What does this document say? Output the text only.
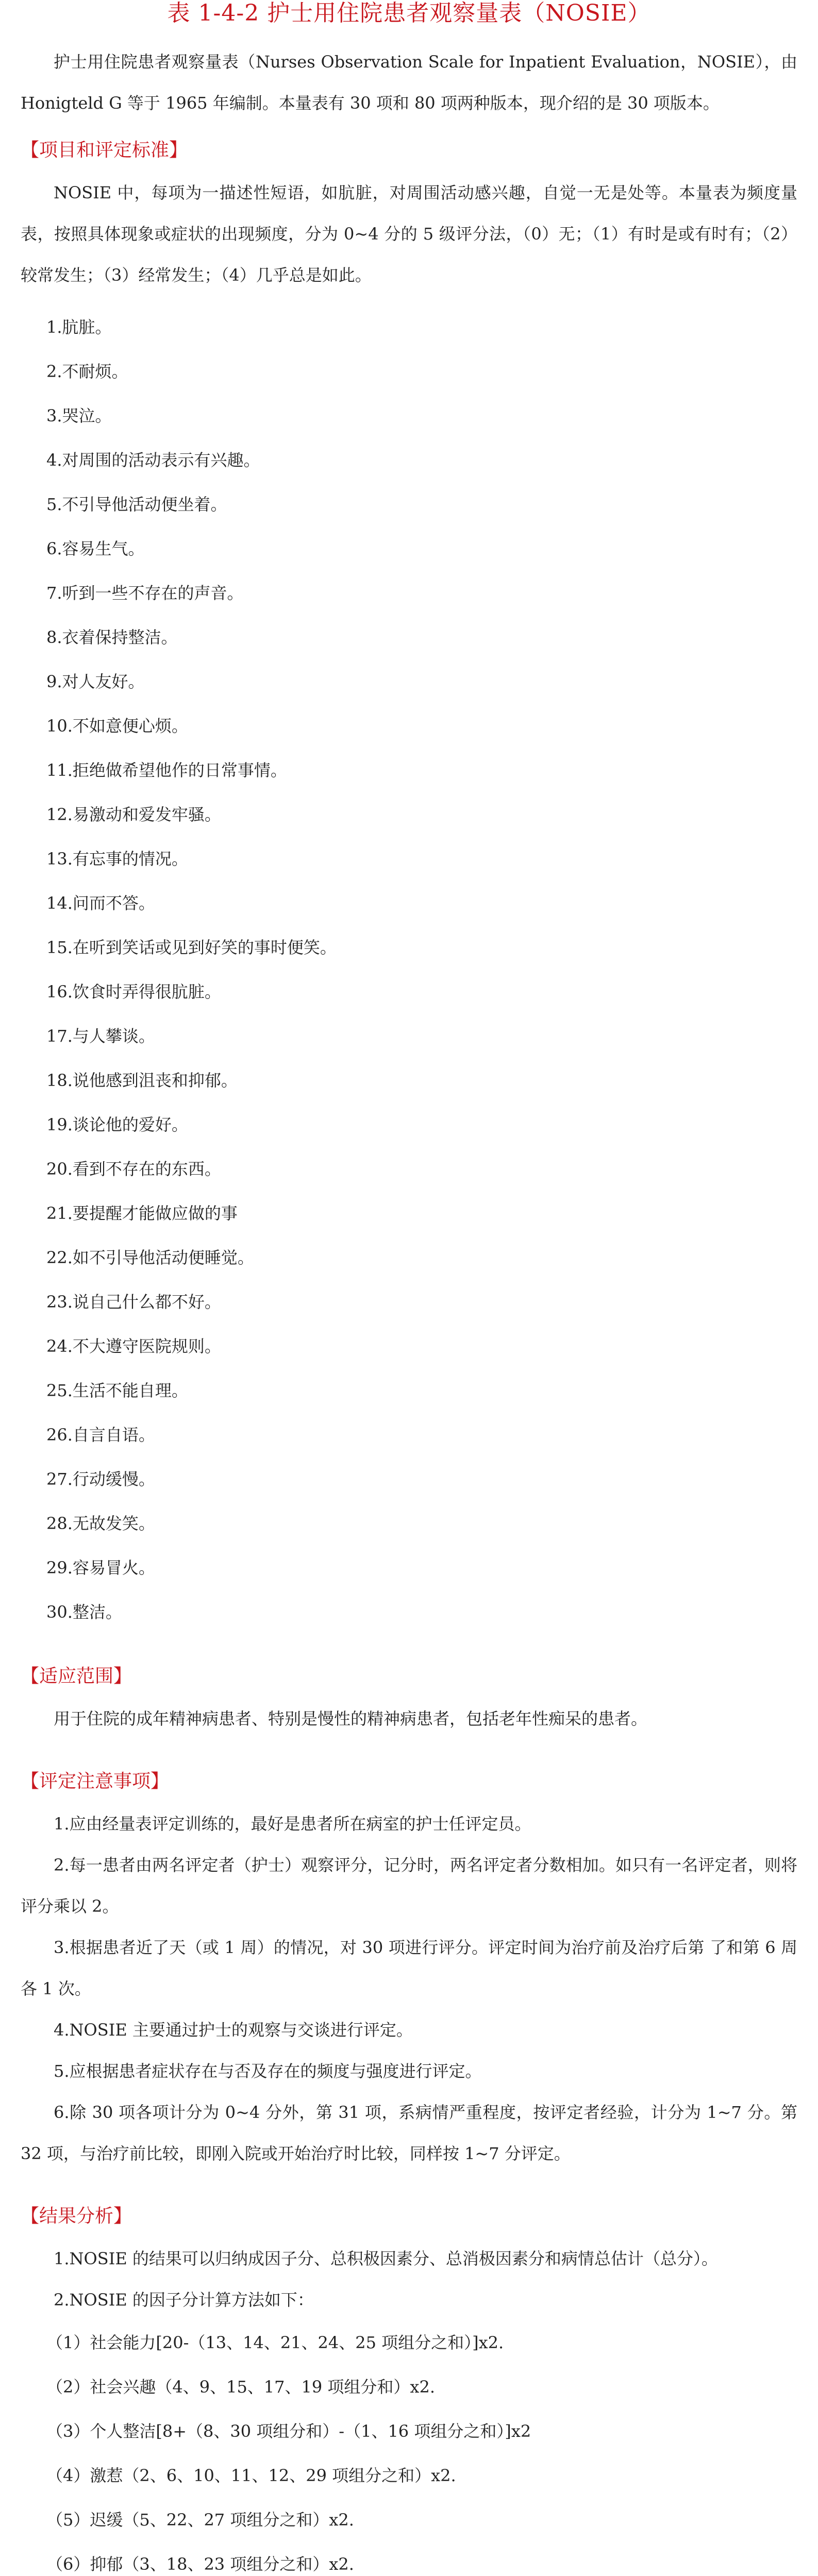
表 1-4-2 护士用住院患者观察量表（NOSIE）

护士用住院患者观察量表（Nurses Observation Scale for Inpatient Evaluation，NOSIE），由 Honigteld G 等于 1965 年编制。本量表有 30 项和 80 项两种版本，现介绍的是 30 项版本。

【项目和评定标准】

NOSIE 中，每项为一描述性短语，如肮脏，对周围活动感兴趣，自觉一无是处等。本量表为频度量表，按照具体现象或症状的出现频度，分为 0~4 分的 5 级评分法，（0）无；（1）有时是或有时有；（2）较常发生；（3）经常发生；（4）几乎总是如此。

1.肮脏。
2.不耐烦。
3.哭泣。
4.对周围的活动表示有兴趣。
5.不引导他活动便坐着。
6.容易生气。
7.听到一些不存在的声音。
8.衣着保持整洁。
9.对人友好。
10.不如意便心烦。
11.拒绝做希望他作的日常事情。
12.易激动和爱发牢骚。
13.有忘事的情况。
14.问而不答。
15.在听到笑话或见到好笑的事时便笑。
16.饮食时弄得很肮脏。
17.与人攀谈。
18.说他感到沮丧和抑郁。
19.谈论他的爱好。
20.看到不存在的东西。
21.要提醒才能做应做的事
22.如不引导他活动便睡觉。
23.说自己什么都不好。
24.不大遵守医院规则。
25.生活不能自理。
26.自言自语。
27.行动缓慢。
28.无故发笑。
29.容易冒火。
30.整洁。
【适应范围】

用于住院的成年精神病患者、特别是慢性的精神病患者，包括老年性痴呆的患者。

【评定注意事项】

1.应由经量表评定训练的，最好是患者所在病室的护士任评定员。

2.每一患者由两名评定者（护士）观察评分，记分时，两名评定者分数相加。如只有一名评定者，则将评分乘以 2。

3.根据患者近了天（或 1 周）的情况，对 30 项进行评分。评定时间为治疗前及治疗后第 了和第 6 周各 1 次。

4.NOSIE 主要通过护士的观察与交谈进行评定。

5.应根据患者症状存在与否及存在的频度与强度进行评定。

6.除 30 项各项计分为 0~4 分外，第 31 项，系病情严重程度，按评定者经验，计分为 1~7 分。第 32 项，与治疗前比较，即刚入院或开始治疗时比较，同样按 1~7 分评定。

【结果分析】

1.NOSIE 的结果可以归纳成因子分、总积极因素分、总消极因素分和病情总估计（总分）。

2.NOSIE 的因子分计算方法如下：

（1）社会能力[20-（13、14、21、24、25 项组分之和）]x2.
（2）社会兴趣（4、9、15、17、19 项组分和）x2.
（3）个人整洁[8+（8、30 项组分和）-（1、16 项组分之和）]x2
（4）激惹（2、6、10、11、12、29 项组分之和）x2.
（5）迟缓（5、22、27 项组分之和）x2.
（6）抑郁（3、18、23 项组分之和）x2.
